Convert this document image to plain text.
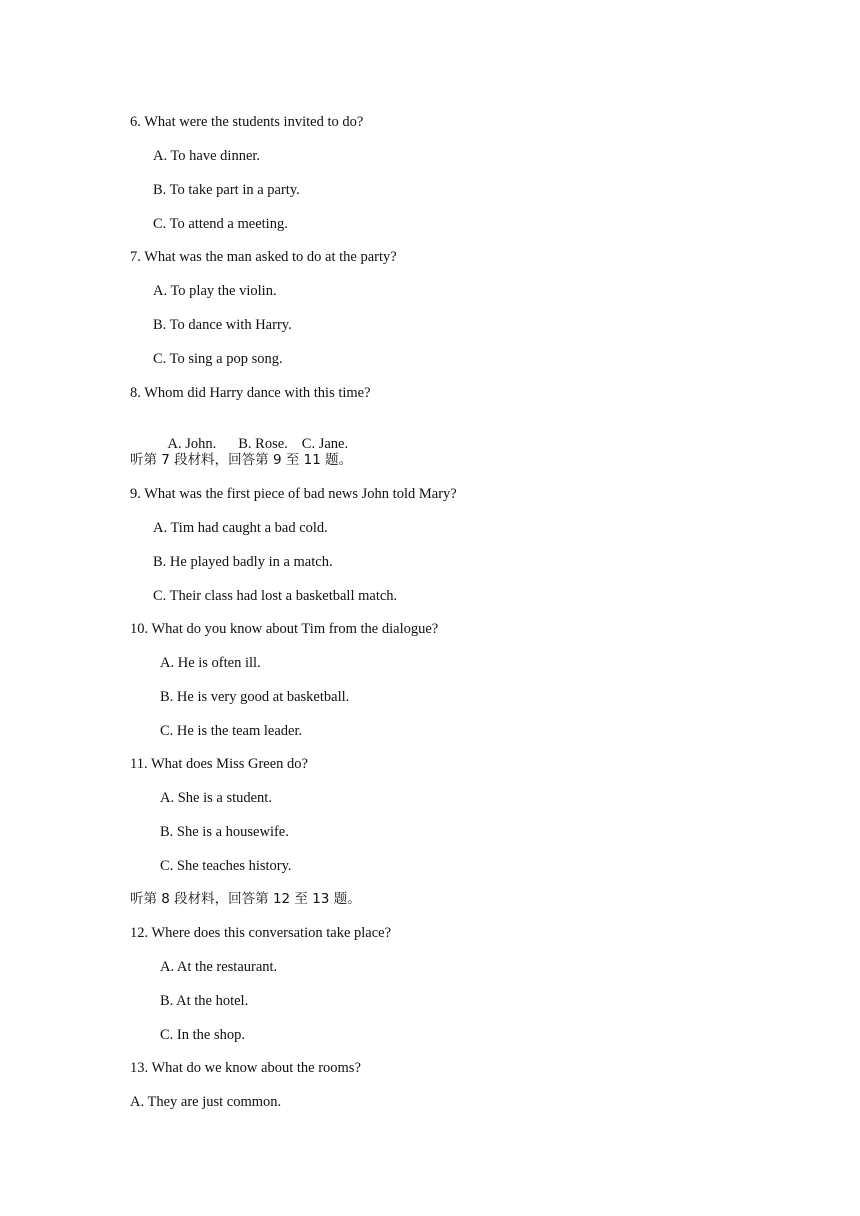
6. What were the students invited to do?
A. To have dinner.
B. To take part in a party.
C. To attend a meeting.
7. What was the man asked to do at the party?
A. To play the violin.
B. To dance with Harry.
C. To sing a pop song.
8. Whom did Harry dance with this time?

A. John. B. Rose. C. Jane.

听第 7 段材料，回答第 9 至 11 题。
9. What was the first piece of bad news John told Mary?
A. Tim had caught a bad cold.
B. He played badly in a match.
C. Their class had lost a basketball match.
10. What do you know about Tim from the dialogue?
A. He is often ill.
B. He is very good at basketball.
C. He is the team leader.
11. What does Miss Green do?
A. She is a student.
B. She is a housewife.
C. She teaches history.
听第 8 段材料，回答第 12 至 13 题。
12. Where does this conversation take place?
A. At the restaurant.
B. At the hotel.
C. In the shop.
13. What do we know about the rooms?
A. They are just common.
